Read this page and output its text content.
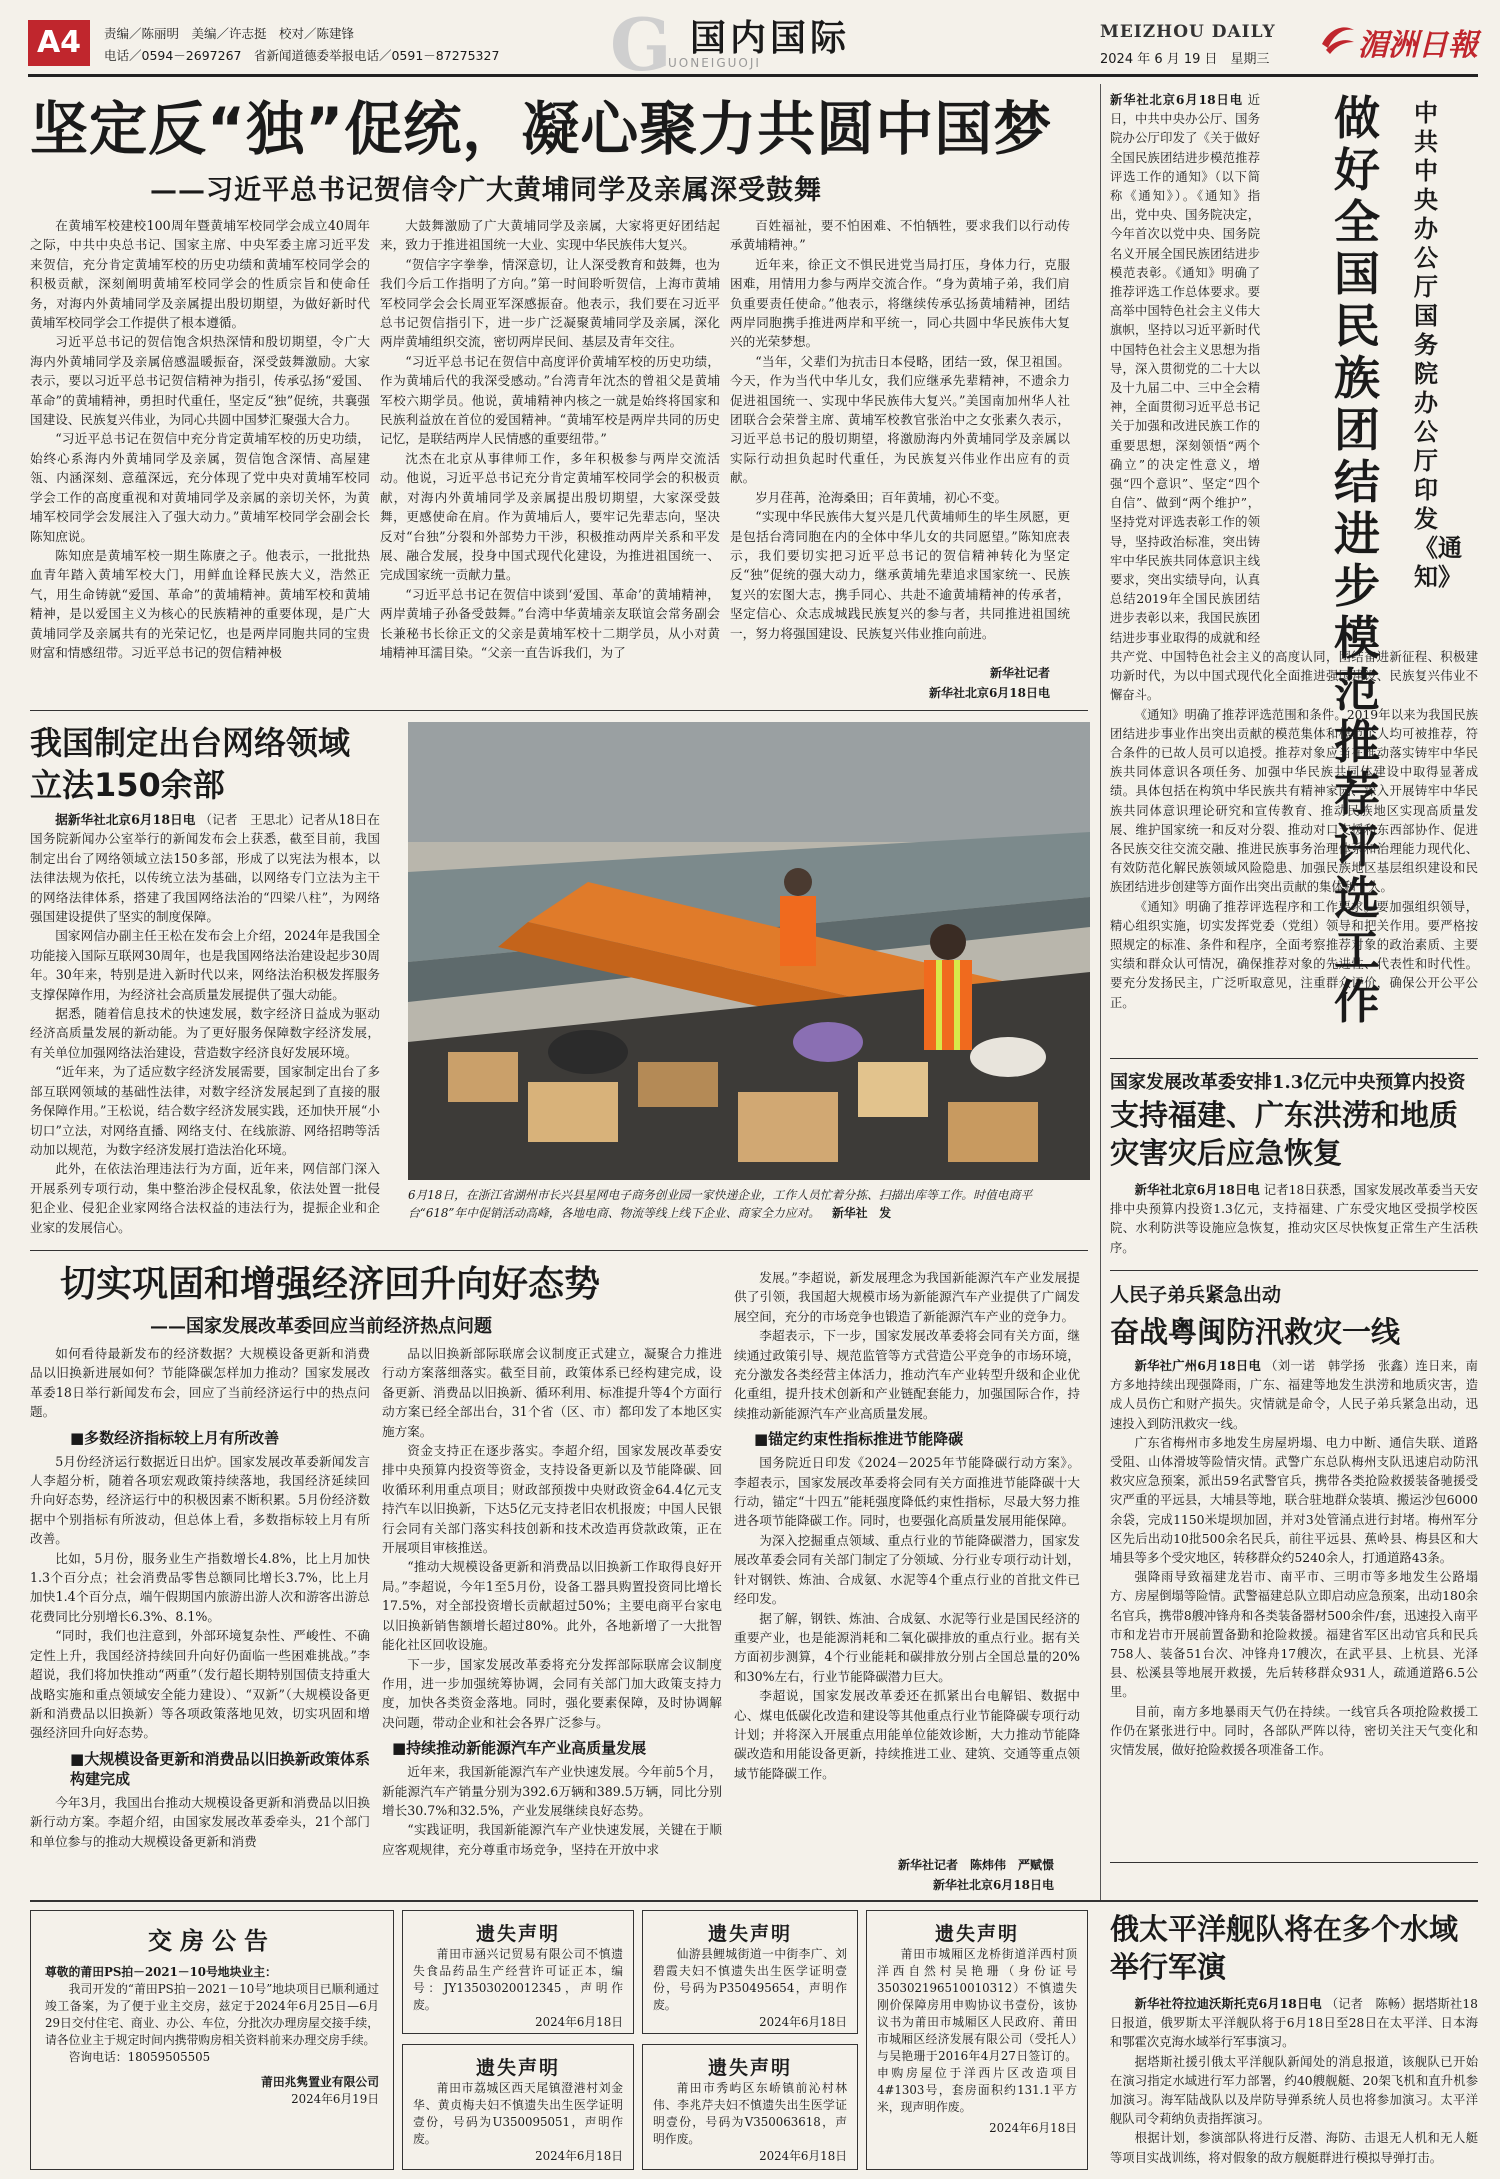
A4	责编／陈丽明　美编／许志挺　校对／陈建锋
电话／0594－2697267　省新闻道德委举报电话／0591－87275327	G 国内国际
UONEIGUOJI
MEIZHOU DAILY
2024 年 6 月 19 日　星期三	湄洲日報
坚定反“独”促统，凝心聚力共圆中国梦
——习近平总书记贺信令广大黄埔同学及亲属深受鼓舞

在黄埔军校建校100周年暨黄埔军校同学会成立40周年之际，中共中央总书记、国家主席、中央军委主席习近平发来贺信，充分肯定黄埔军校的历史功绩和黄埔军校同学会的积极贡献，深刻阐明黄埔军校同学会的性质宗旨和使命任务，对海内外黄埔同学及亲属提出殷切期望，为做好新时代黄埔军校同学会工作提供了根本遵循。

习近平总书记的贺信饱含炽热深情和殷切期望，令广大海内外黄埔同学及亲属倍感温暖振奋，深受鼓舞激励。大家表示，要以习近平总书记贺信精神为指引，传承弘扬“爱国、革命”的黄埔精神，勇担时代重任，坚定反“独”促统，共襄强国建设、民族复兴伟业，为同心共圆中国梦汇聚强大合力。

“习近平总书记在贺信中充分肯定黄埔军校的历史功绩，始终心系海内外黄埔同学及亲属，贺信饱含深情、高屋建瓴、内涵深刻、意蕴深远，充分体现了党中央对黄埔军校同学会工作的高度重视和对黄埔同学及亲属的亲切关怀，为黄埔军校同学会发展注入了强大动力。”黄埔军校同学会副会长陈知庶说。

陈知庶是黄埔军校一期生陈赓之子。他表示，一批批热血青年踏入黄埔军校大门，用鲜血诠释民族大义，浩然正气，用生命铸就“爱国、革命”的黄埔精神。黄埔军校和黄埔精神，是以爱国主义为核心的民族精神的重要体现，是广大黄埔同学及亲属共有的光荣记忆，也是两岸同胞共同的宝贵财富和情感纽带。习近平总书记的贺信精神极

大鼓舞激励了广大黄埔同学及亲属，大家将更好团结起来，致力于推进祖国统一大业、实现中华民族伟大复兴。

“贺信字字拳拳，情深意切，让人深受教育和鼓舞，也为我们今后工作指明了方向。”第一时间聆听贺信，上海市黄埔军校同学会会长周亚军深感振奋。他表示，我们要在习近平总书记贺信指引下，进一步广泛凝聚黄埔同学及亲属，深化两岸黄埔组织交流，密切两岸民间、基层及青年交往。

“习近平总书记在贺信中高度评价黄埔军校的历史功绩，作为黄埔后代的我深受感动。”台湾青年沈杰的曾祖父是黄埔军校六期学员。他说，黄埔精神内核之一就是始终将国家和民族利益放在首位的爱国精神。“黄埔军校是两岸共同的历史记忆，是联结两岸人民情感的重要纽带。”

沈杰在北京从事律师工作，多年积极参与两岸交流活动。他说，习近平总书记充分肯定黄埔军校同学会的积极贡献，对海内外黄埔同学及亲属提出殷切期望，大家深受鼓舞，更感使命在肩。作为黄埔后人，要牢记先辈志向，坚决反对“台独”分裂和外部势力干涉，积极推动两岸关系和平发展、融合发展，投身中国式现代化建设，为推进祖国统一、完成国家统一贡献力量。

“习近平总书记在贺信中谈到‘爱国、革命’的黄埔精神，两岸黄埔子孙备受鼓舞。”台湾中华黄埔亲友联谊会常务副会长兼秘书长徐正文的父亲是黄埔军校十二期学员，从小对黄埔精神耳濡目染。“父亲一直告诉我们，为了

百姓福祉，要不怕困难、不怕牺牲，要求我们以行动传承黄埔精神。”

近年来，徐正文不惧民进党当局打压，身体力行，克服困难，用情用力参与两岸交流合作。“身为黄埔子弟，我们肩负重要责任使命。”他表示，将继续传承弘扬黄埔精神，团结两岸同胞携手推进两岸和平统一，同心共圆中华民族伟大复兴的光荣梦想。

“当年，父辈们为抗击日本侵略，团结一致，保卫祖国。今天，作为当代中华儿女，我们应继承先辈精神，不遗余力促进祖国统一、实现中华民族伟大复兴。”美国南加州华人社团联合会荣誉主席、黄埔军校教官张治中之女张素久表示，习近平总书记的殷切期望，将激励海内外黄埔同学及亲属以实际行动担负起时代重任，为民族复兴伟业作出应有的贡献。

岁月荏苒，沧海桑田；百年黄埔，初心不变。

“实现中华民族伟大复兴是几代黄埔师生的毕生夙愿，更是包括台湾同胞在内的全体中华儿女的共同愿望。”陈知庶表示，我们要切实把习近平总书记的贺信精神转化为坚定反“独”促统的强大动力，继承黄埔先辈追求国家统一、民族复兴的宏图大志，携手同心、共赴不逾黄埔精神的传承者，坚定信心、众志成城践民族复兴的参与者，共同推进祖国统一，努力将强国建设、民族复兴伟业推向前进。

新华社记者
新华社北京6月18日电
我国制定出台网络领域立法150余部

据新华社北京6月18日电 （记者　王思北）记者从18日在国务院新闻办公室举行的新闻发布会上获悉，截至目前，我国制定出台了网络领域立法150多部，形成了以宪法为根本，以法律法规为依托，以传统立法为基础，以网络专门立法为主干的网络法律体系，搭建了我国网络法治的“四梁八柱”，为网络强国建设提供了坚实的制度保障。

国家网信办副主任王松在发布会上介绍，2024年是我国全功能接入国际互联网30周年，也是我国网络法治建设起步30周年。30年来，特别是进入新时代以来，网络法治积极发挥服务支撑保障作用，为经济社会高质量发展提供了强大动能。

据悉，随着信息技术的快速发展，数字经济日益成为驱动经济高质量发展的新动能。为了更好服务保障数字经济发展，有关单位加强网络法治建设，营造数字经济良好发展环境。

“近年来，为了适应数字经济发展需要，国家制定出台了多部互联网领域的基础性法律，对数字经济发展起到了直接的服务保障作用。”王松说，结合数字经济发展实践，还加快开展“小切口”立法，对网络直播、网络支付、在线旅游、网络招聘等活动加以规范，为数字经济发展打造法治化环境。

此外，在依法治理违法行为方面，近年来，网信部门深入开展系列专项行动，集中整治涉企侵权乱象，依法处置一批侵犯企业、侵犯企业家网络合法权益的违法行为，提振企业和企业家的发展信心。

6月18日，在浙江省湖州市长兴县星网电子商务创业园一家快递企业，工作人员忙着分拣、扫描出库等工作。时值电商平台“618”年中促销活动高峰，各地电商、物流等线上线下企业、商家全力应对。 新华社　发
切实巩固和增强经济回升向好态势
——国家发展改革委回应当前经济热点问题

如何看待最新发布的经济数据？大规模设备更新和消费品以旧换新进展如何？节能降碳怎样加力推动？国家发展改革委18日举行新闻发布会，回应了当前经济运行中的热点问题。

■多数经济指标较上月有所改善

5月份经济运行数据近日出炉。国家发展改革委新闻发言人李超分析，随着各项宏观政策持续落地，我国经济延续回升向好态势，经济运行中的积极因素不断积累。5月份经济数据中个别指标有所波动，但总体上看，多数指标较上月有所改善。

比如，5月份，服务业生产指数增长4.8%，比上月加快1.3个百分点；社会消费品零售总额同比增长3.7%，比上月加快1.4个百分点，端午假期国内旅游出游人次和游客出游总花费同比分别增长6.3%、8.1%。

“同时，我们也注意到，外部环境复杂性、严峻性、不确定性上升，我国经济持续回升向好仍面临一些困难挑战。”李超说，我们将加快推动“两重”（发行超长期特别国债支持重大战略实施和重点领域安全能力建设）、“双新”（大规模设备更新和消费品以旧换新）等各项政策落地见效，切实巩固和增强经济回升向好态势。

■大规模设备更新和消费品以旧换新政策体系构建完成

今年3月，我国出台推动大规模设备更新和消费品以旧换新行动方案。李超介绍，由国家发展改革委牵头，21个部门和单位参与的推动大规模设备更新和消费

品以旧换新部际联席会议制度正式建立，凝聚合力推进行动方案落细落实。截至目前，政策体系已经构建完成，设备更新、消费品以旧换新、循环利用、标准提升等4个方面行动方案已经全部出台，31个省（区、市）都印发了本地区实施方案。

资金支持正在逐步落实。李超介绍，国家发展改革委安排中央预算内投资等资金，支持设备更新以及节能降碳、回收循环利用重点项目；财政部预拨中央财政资金64.4亿元支持汽车以旧换新，下达5亿元支持老旧农机报废；中国人民银行会同有关部门落实科技创新和技术改造再贷款政策，正在开展项目审核推送。

“推动大规模设备更新和消费品以旧换新工作取得良好开局。”李超说，今年1至5月份，设备工器具购置投资同比增长17.5%，对全部投资增长贡献超过50%；主要电商平台家电以旧换新销售额增长超过80%。此外，各地新增了一大批智能化社区回收设施。

下一步，国家发展改革委将充分发挥部际联席会议制度作用，进一步加强统筹协调，会同有关部门加大政策支持力度，加快各类资金落地。同时，强化要素保障，及时协调解决问题，带动企业和社会各界广泛参与。

■持续推动新能源汽车产业高质量发展

近年来，我国新能源汽车产业快速发展。今年前5个月，新能源汽车产销量分别为392.6万辆和389.5万辆，同比分别增长30.7%和32.5%，产业发展继续良好态势。

“实践证明，我国新能源汽车产业快速发展，关键在于顺应客观规律，充分尊重市场竞争，坚持在开放中求

发展。”李超说，新发展理念为我国新能源汽车产业发展提供了引领，我国超大规模市场为新能源汽车产业提供了广阔发展空间，充分的市场竞争也锻造了新能源汽车产业的竞争力。

李超表示，下一步，国家发展改革委将会同有关方面，继续通过政策引导、规范监管等方式营造公平竞争的市场环境，充分激发各类经营主体活力，推动汽车产业转型升级和企业优化重组，提升技术创新和产业链配套能力，加强国际合作，持续推动新能源汽车产业高质量发展。

■锚定约束性指标推进节能降碳

国务院近日印发《2024－2025年节能降碳行动方案》。李超表示，国家发展改革委将会同有关方面推进节能降碳十大行动，锚定“十四五”能耗强度降低约束性指标，尽最大努力推进各项节能降碳工作。同时，也要强化高质量发展用能保障。

为深入挖掘重点领域、重点行业的节能降碳潜力，国家发展改革委会同有关部门制定了分领域、分行业专项行动计划，针对钢铁、炼油、合成氨、水泥等4个重点行业的首批文件已经印发。

据了解，钢铁、炼油、合成氨、水泥等行业是国民经济的重要产业，也是能源消耗和二氧化碳排放的重点行业。据有关方面初步测算，4个行业能耗和碳排放分别占全国总量的20%和30%左右，行业节能降碳潜力巨大。

李超说，国家发展改革委还在抓紧出台电解铝、数据中心、煤电低碳化改造和建设等其他重点行业节能降碳专项行动计划；并将深入开展重点用能单位能效诊断，大力推动节能降碳改造和用能设备更新，持续推进工业、建筑、交通等重点领域节能降碳工作。

新华社记者　陈炜伟　严赋憬
新华社北京6月18日电

新华社北京6月18日电 近日，中共中央办公厅、国务院办公厅印发了《关于做好全国民族团结进步模范推荐评选工作的通知》（以下简称《通知》）。《通知》指出，党中央、国务院决定，今年首次以党中央、国务院名义开展全国民族团结进步模范表彰。《通知》明确了推荐评选工作总体要求。要高举中国特色社会主义伟大旗帜，坚持以习近平新时代中国特色社会主义思想为指导，深入贯彻党的二十大以及十九届二中、三中全会精神，全面贯彻习近平总书记关于加强和改进民族工作的重要思想，深刻领悟“两个确立”的决定性意义，增强“四个意识”、坚定“四个自信”、做到“两个维护”，坚持党对评选表彰工作的领导，坚持政治标准，突出铸牢中华民族共同体意识主线要求，突出实绩导向，认真总结2019年全国民族团结进步表彰以来，我国民族团结进步事业取得的成就和经

做好全国民族团结进步模范推荐评选工作
中共中央办公厅　国务院办公厅印发《通知》

共产党、中国特色社会主义的高度认同，团结奋进新征程、积极建功新时代，为以中国式现代化全面推进强国建设、民族复兴伟业不懈奋斗。

《通知》明确了推荐评选范围和条件。2019年以来为我国民族团结进步事业作出突出贡献的模范集体和模范个人均可被推荐，符合条件的已故人员可以追授。推荐对象应当在推动落实铸牢中华民族共同体意识各项任务、加强中华民族共同体建设中取得显著成绩。具体包括在构筑中华民族共有精神家园、深入开展铸牢中华民族共同体意识理论研究和宣传教育、推动民族地区实现高质量发展、维护国家统一和反对分裂、推动对口支援和东西部协作、促进各民族交往交流交融、推进民族事务治理体系和治理能力现代化、有效防范化解民族领域风险隐患、加强民族地区基层组织建设和民族团结进步创建等方面作出突出贡献的集体和个人。

《通知》明确了推荐评选程序和工作要求。要加强组织领导，精心组织实施，切实发挥党委（党组）领导和把关作用。要严格按照规定的标准、条件和程序，全面考察推荐对象的政治素质、主要实绩和群众认可情况，确保推荐对象的先进性、代表性和时代性。要充分发扬民主，广泛听取意见，注重群众评价，确保公开公平公正。

国家发展改革委安排1.3亿元中央预算内投资
支持福建、广东洪涝和地质灾害灾后应急恢复

新华社北京6月18日电 记者18日获悉，国家发展改革委当天安排中央预算内投资1.3亿元，支持福建、广东受灾地区受损学校医院、水利防洪等设施应急恢复，推动灾区尽快恢复正常生产生活秩序。

人民子弟兵紧急出动
奋战粤闽防汛救灾一线

新华社广州6月18日电 （刘一诺　韩学扬　张鑫）连日来，南方多地持续出现强降雨，广东、福建等地发生洪涝和地质灾害，造成人员伤亡和财产损失。灾情就是命令，人民子弟兵紧急出动，迅速投入到防汛救灾一线。

广东省梅州市多地发生房屋坍塌、电力中断、通信失联、道路受阻、山体滑坡等险情灾情。武警广东总队梅州支队迅速启动防汛救灾应急预案，派出59名武警官兵，携带各类抢险救援装备驰援受灾严重的平远县，大埔县等地，联合驻地群众装填、搬运沙包6000余袋，完成1150米堤坝加固，并对3处管涌点进行封堵。梅州军分区先后出动10批500余名民兵，前往平远县、蕉岭县、梅县区和大埔县等多个受灾地区，转移群众约5240余人，打通道路43条。

强降雨导致福建龙岩市、南平市、三明市等多地发生公路塌方、房屋倒塌等险情。武警福建总队立即启动应急预案，出动180余名官兵，携带8艘冲锋舟和各类装备器材500余件/套，迅速投入南平市和龙岩市开展前置备勤和抢险救援。福建省军区出动官兵和民兵758人、装备51台次、冲锋舟17艘次，在武平县、上杭县、光泽县、松溪县等地展开救援，先后转移群众931人，疏通道路6.5公里。

目前，南方多地暴雨天气仍在持续。一线官兵各项抢险救援工作仍在紧张进行中。同时，各部队严阵以待，密切关注天气变化和灾情发展，做好抢险救援各项准备工作。

俄太平洋舰队将在多个水域举行军演

新华社符拉迪沃斯托克6月18日电 （记者　陈畅）据塔斯社18日报道，俄罗斯太平洋舰队将于6月18日至28日在太平洋、日本海和鄂霍次克海水域举行军事演习。

据塔斯社援引俄太平洋舰队新闻处的消息报道，该舰队已开始在演习指定水域进行军力部署，约40艘舰艇、20架飞机和直升机参加演习。海军陆战队以及岸防导弹系统人员也将参加演习。太平洋舰队司令莉纳负责指挥演习。

根据计划，参演部队将进行反潜、海防、击退无人机和无人艇等项目实战训练，将对假象的敌方舰艇群进行模拟导弹打击。

交房公告
尊敬的莆田PS拍－2021－10号地块业主：
我司开发的“莆田PS拍－2021－10号”地块项目已顺利通过竣工备案，为了便于业主交房，兹定于2024年6月25日—6月29日交付住宅、商业、办公、车位，分批次办理房屋交接手续，请各位业主于规定时间内携带购房相关资料前来办理交房手续。
咨询电话：18059505505
莆田兆隽置业有限公司
2024年6月19日
遗失声明
莆田市涵兴记贸易有限公司不慎遗失食品药品生产经营许可证正本，编号：JY13503020012345，声明作废。
2024年6月18日
遗失声明
仙游县鲤城街道一中街李广、刘碧霞夫妇不慎遗失出生医学证明壹份，号码为P350495654，声明作废。
2024年6月18日
遗失声明
莆田市城厢区龙桥街道洋西村顶洋西自然村吴艳珊（身份证号350302196510010312）不慎遗失刚价保障房用申购协议书壹份，该协议书为莆田市城厢区人民政府、莆田市城厢区经济发展有限公司（受托人）与吴艳珊于2016年4月27日签订的。申购房屋位于洋西片区改造项目4#1303号，套房面积约131.1平方米，现声明作废。
2024年6月18日
遗失声明
莆田市荔城区西天尾镇澄港村刘金华、黄贞梅夫妇不慎遗失出生医学证明壹份，号码为U350095051，声明作废。
2024年6月18日
遗失声明
莆田市秀屿区东峤镇前沁村林伟、李兆芹夫妇不慎遗失出生医学证明壹份，号码为V350063618，声明作废。
2024年6月18日
